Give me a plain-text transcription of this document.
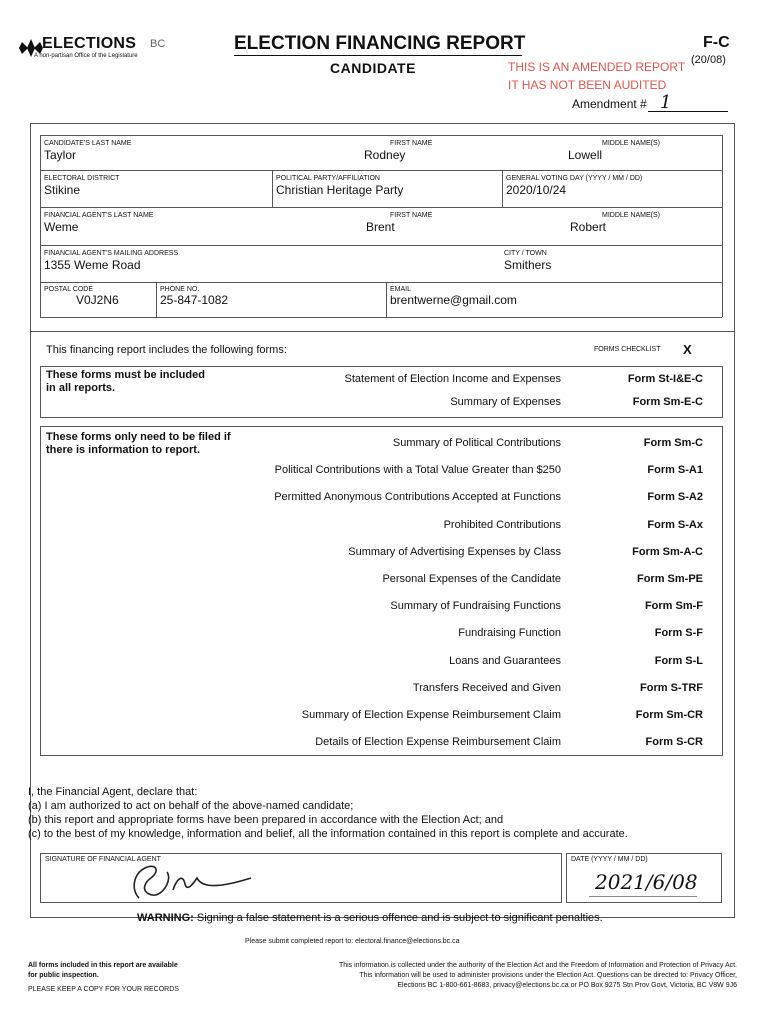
ELECTIONS BC
A non-partisan Office of the Legislature
ELECTION FINANCING REPORT
CANDIDATE
F-C
(20/08)
THIS IS AN AMENDED REPORT
IT HAS NOT BEEN AUDITED
Amendment # 1
CANDIDATE'S LAST NAME
Taylor
FIRST NAME
Rodney
MIDDLE NAME(S)
Lowell
ELECTORAL DISTRICT
Stikine
POLITICAL PARTY/AFFILIATION
Christian Heritage Party
GENERAL VOTING DAY (YYYY / MM / DD)
2020/10/24
FINANCIAL AGENT'S LAST NAME
Weme
FIRST NAME
Brent
MIDDLE NAME(S)
Robert
FINANCIAL AGENT'S MAILING ADDRESS
1355 Weme Road
CITY / TOWN
Smithers
POSTAL CODE
V0J2N6
PHONE NO.
25-847-1082
EMAIL
brentwerne@gmail.com
This financing report includes the following forms:	FORMS CHECKLIST X
These forms must be included in all reports.
Statement of Election Income and Expenses	Form St-I&E-C
Summary of Expenses	Form Sm-E-C
These forms only need to be filed if there is information to report.
Summary of Political Contributions	Form Sm-C
Political Contributions with a Total Value Greater than $250	Form S-A1
Permitted Anonymous Contributions Accepted at Functions	Form S-A2
Prohibited Contributions	Form S-Ax
Summary of Advertising Expenses by Class	Form Sm-A-C
Personal Expenses of the Candidate	Form Sm-PE
Summary of Fundraising Functions	Form Sm-F
Fundraising Function	Form S-F
Loans and Guarantees	Form S-L
Transfers Received and Given	Form S-TRF
Summary of Election Expense Reimbursement Claim	Form Sm-CR
Details of Election Expense Reimbursement Claim	Form S-CR
I, the Financial Agent, declare that:
(a) I am authorized to act on behalf of the above-named candidate;
(b) this report and appropriate forms have been prepared in accordance with the Election Act; and
(c) to the best of my knowledge, information and belief, all the information contained in this report is complete and accurate.
SIGNATURE OF FINANCIAL AGENT	DATE (YYYY / MM / DD)
2021/6/08
WARNING: Signing a false statement is a serious offence and is subject to significant penalties.
Please submit completed report to: electoral.finance@elections.bc.ca
All forms included in this report are available
for public inspection.
PLEASE KEEP A COPY FOR YOUR RECORDS
This information is collected under the authority of the Election Act and the Freedom of Information and Protection of Privacy Act.
This information will be used to administer provisions under the Election Act. Questions can be directed to: Privacy Officer,
Elections BC 1-800-661-8683, privacy@elections.bc.ca or PO Box 9275 Stn Prov Govt, Victoria, BC V8W 9J6
